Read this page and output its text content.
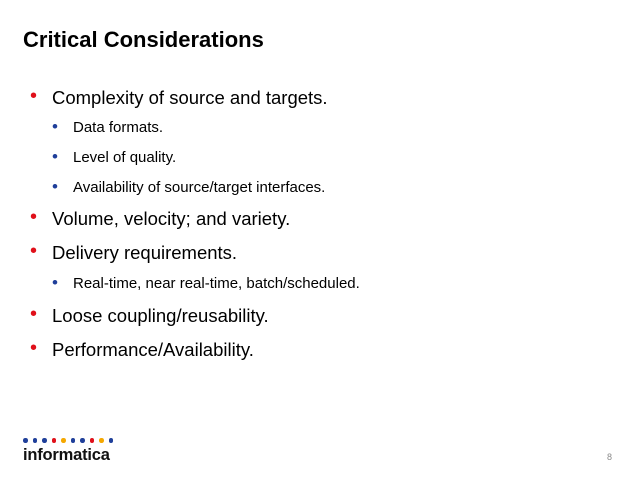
Critical Considerations
• Complexity of source and targets.
• Data formats.
• Level of quality.
• Availability of source/target interfaces.
• Volume, velocity; and variety.
• Delivery requirements.
• Real-time, near real-time, batch/scheduled.
• Loose coupling/reusability.
• Performance/Availability.
informatica	8
